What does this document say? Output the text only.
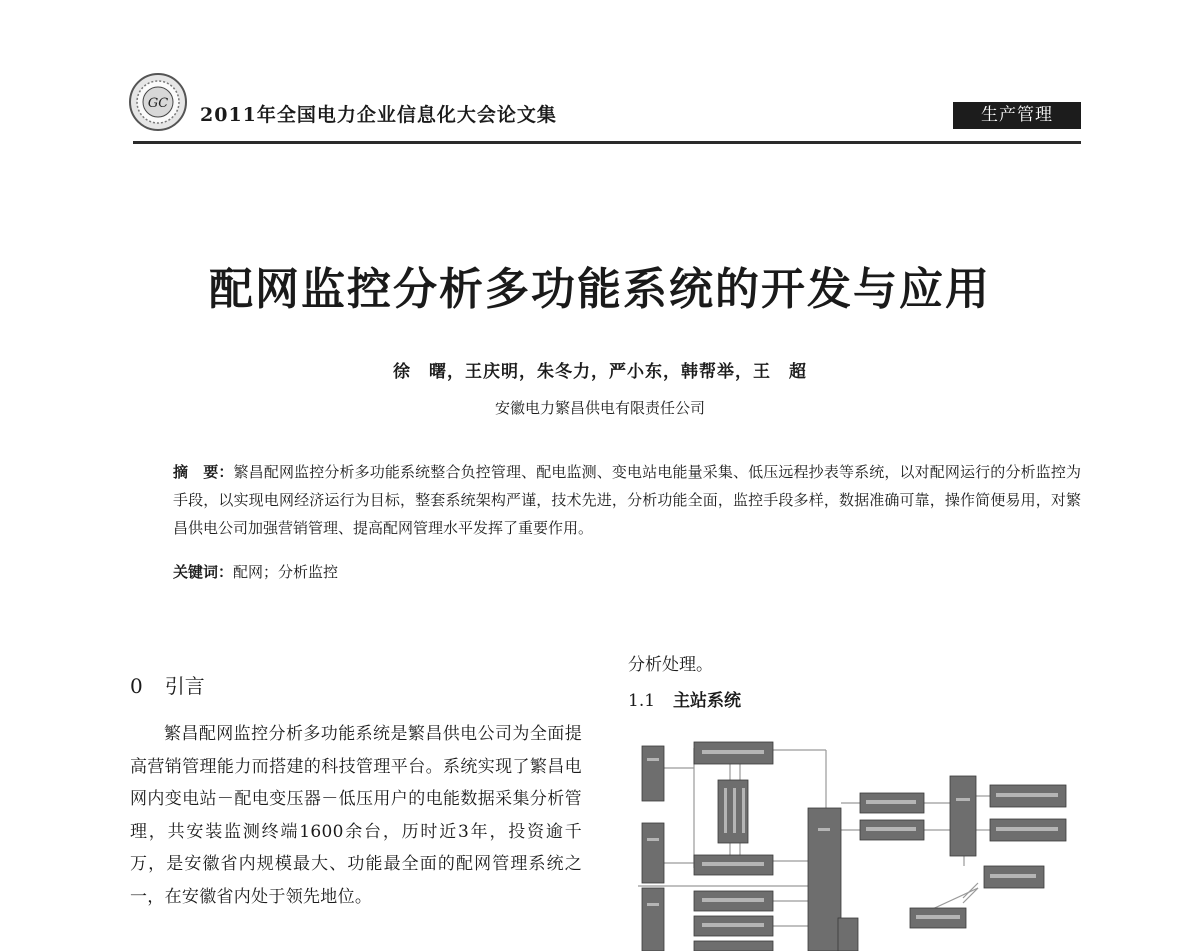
GC
2011年全国电力企业信息化大会论文集	生产管理
配网监控分析多功能系统的开发与应用
徐　曙，王庆明，朱冬力，严小东，韩帮举，王　超
安徽电力繁昌供电有限责任公司
摘　要：繁昌配网监控分析多功能系统整合负控管理、配电监测、变电站电能量采集、低压远程抄表等系统，以对配网运行的分析监控为手段，以实现电网经济运行为目标，整套系统架构严谨，技术先进，分析功能全面，监控手段多样，数据准确可靠，操作简便易用，对繁昌供电公司加强营销管理、提高配网管理水平发挥了重要作用。
关键词：配网；分析监控
0 引言
繁昌配网监控分析多功能系统是繁昌供电公司为全面提高营销管理能力而搭建的科技管理平台。系统实现了繁昌电网内变电站－配电变压器－低压用户的电能数据采集分析管理，共安装监测终端1600余台，历时近3年，投资逾千万，是安徽省内规模最大、功能最全面的配网管理系统之一，在安徽省内处于领先地位。
分析处理。
1.1 主站系统
